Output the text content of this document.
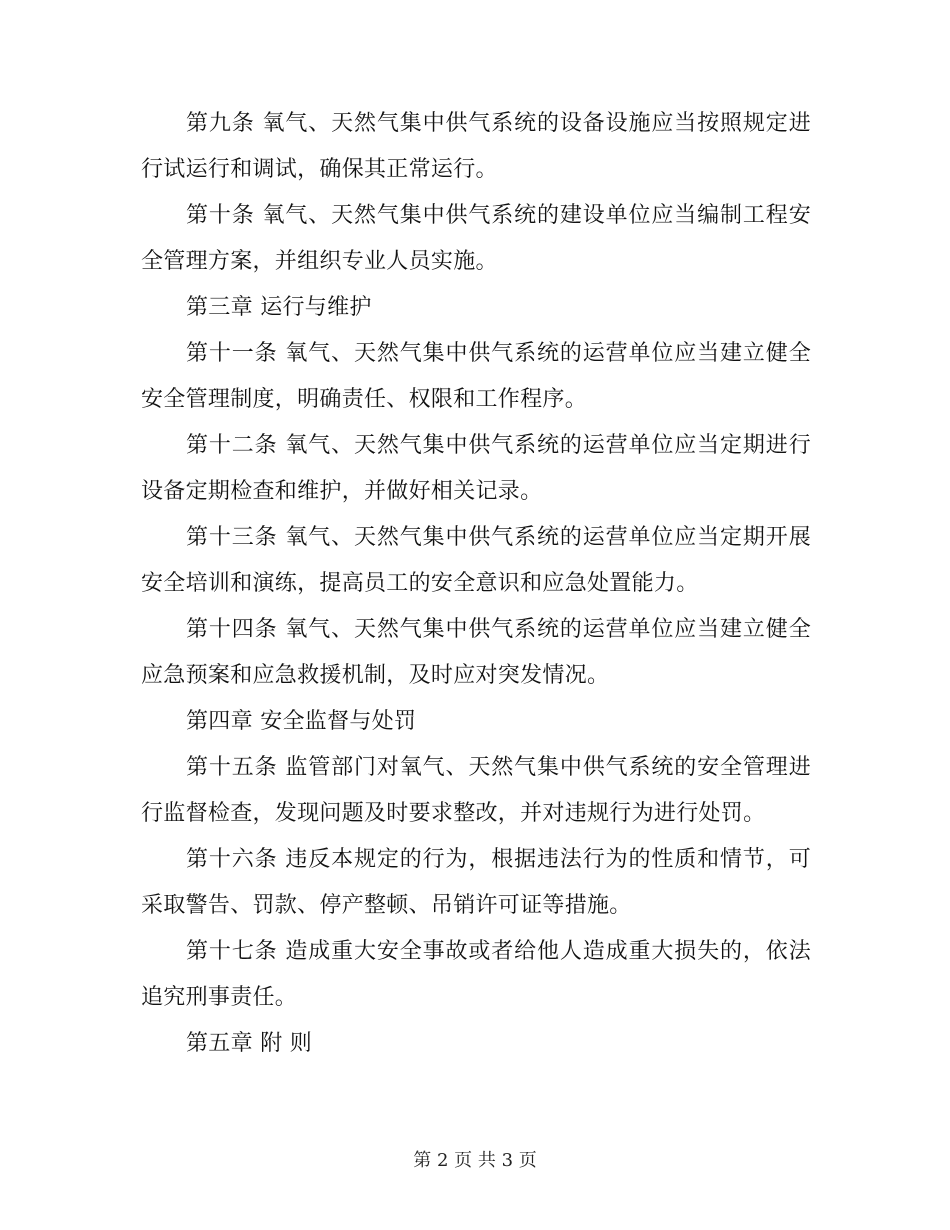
第九条 氧气、天然气集中供气系统的设备设施应当按照规定进行试运行和调试，确保其正常运行。

第十条 氧气、天然气集中供气系统的建设单位应当编制工程安全管理方案，并组织专业人员实施。

第三章 运行与维护

第十一条 氧气、天然气集中供气系统的运营单位应当建立健全安全管理制度，明确责任、权限和工作程序。

第十二条 氧气、天然气集中供气系统的运营单位应当定期进行设备定期检查和维护，并做好相关记录。

第十三条 氧气、天然气集中供气系统的运营单位应当定期开展安全培训和演练，提高员工的安全意识和应急处置能力。

第十四条 氧气、天然气集中供气系统的运营单位应当建立健全应急预案和应急救援机制，及时应对突发情况。

第四章 安全监督与处罚

第十五条 监管部门对氧气、天然气集中供气系统的安全管理进行监督检查，发现问题及时要求整改，并对违规行为进行处罚。

第十六条 违反本规定的行为，根据违法行为的性质和情节，可采取警告、罚款、停产整顿、吊销许可证等措施。

第十七条 造成重大安全事故或者给他人造成重大损失的，依法追究刑事责任。

第五章 附 则

第 2 页 共 3 页
